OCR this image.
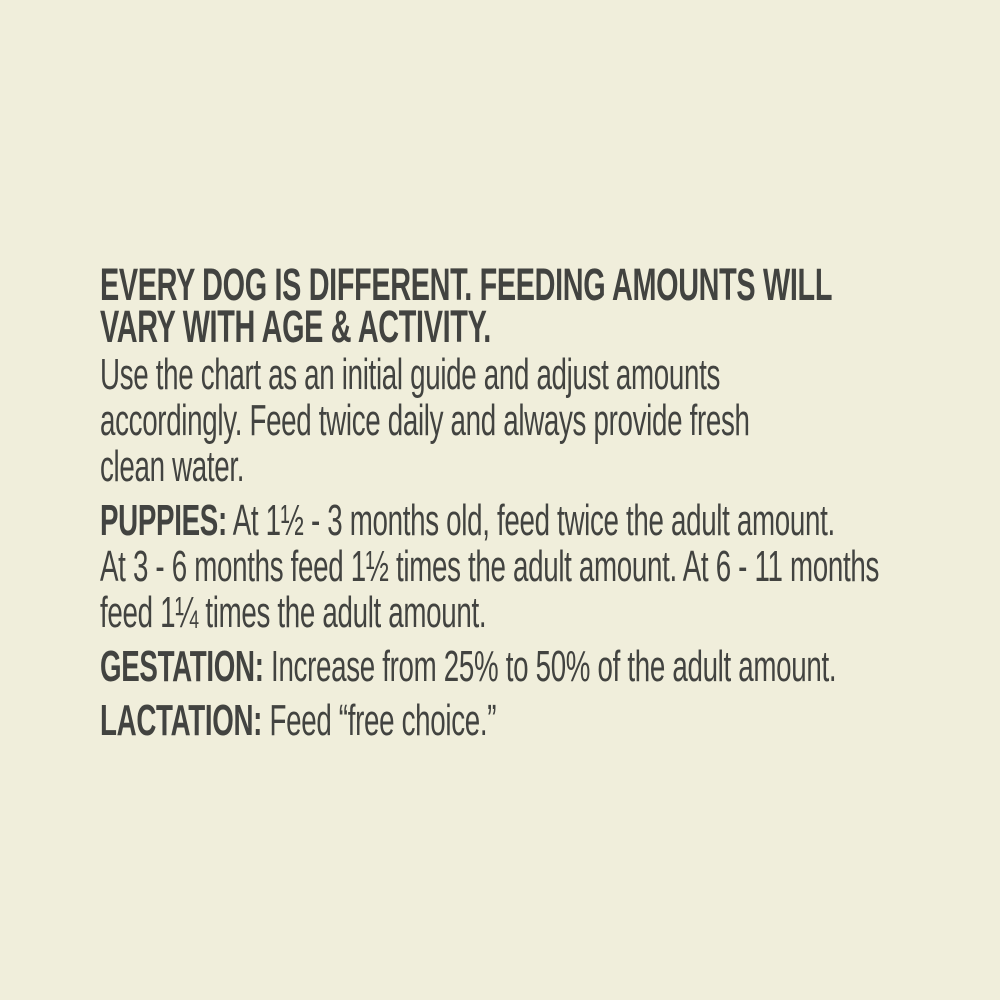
EVERY DOG IS DIFFERENT. FEEDING AMOUNTS WILL
VARY WITH AGE & ACTIVITY.

Use the chart as an initial guide and adjust amounts
accordingly. Feed twice daily and always provide fresh
clean water.

PUPPIES: At 1½ - 3 months old, feed twice the adult amount.
At 3 - 6 months feed 1½ times the adult amount. At 6 - 11 months
feed 1¼ times the adult amount.

GESTATION: Increase from 25% to 50% of the adult amount.

LACTATION: Feed “free choice.”
